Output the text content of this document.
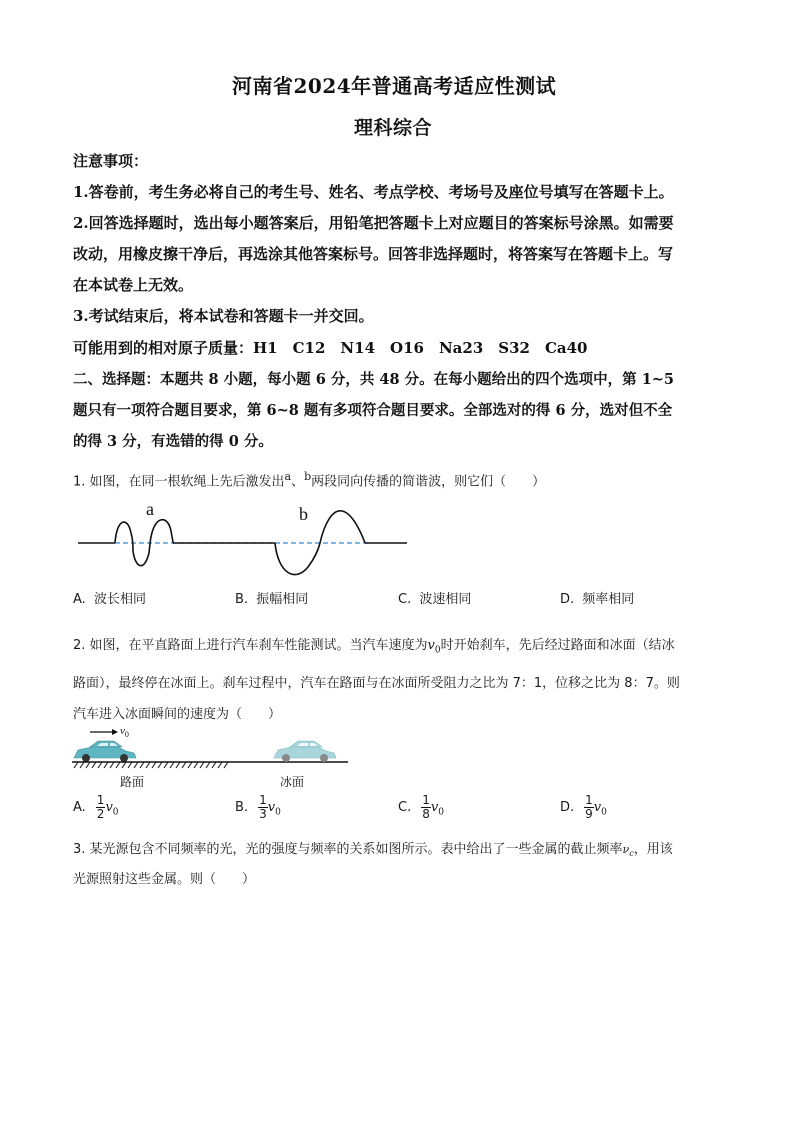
河南省2024年普通高考适应性测试
理科综合
注意事项：
1.答卷前，考生务必将自己的考生号、姓名、考点学校、考场号及座位号填写在答题卡上。
2.回答选择题时，选出每小题答案后，用铅笔把答题卡上对应题目的答案标号涂黑。如需要
改动，用橡皮擦干净后，再选涂其他答案标号。回答非选择题时，将答案写在答题卡上。写
在本试卷上无效。
3.考试结束后，将本试卷和答题卡一并交回。
可能用到的相对原子质量：H1　C12　N14　O16　Na23　S32　Ca40
二、选择题：本题共 8 小题，每小题 6 分，共 48 分。在每小题给出的四个选项中，第 1~5
题只有一项符合题目要求，第 6~8 题有多项符合题目要求。全部选对的得 6 分，选对但不全
的得 3 分，有选错的得 0 分。
1. 如图，在同一根软绳上先后激发出$^a$、$^b$两段同向传播的简谐波，则它们（　　）
a	b
A. 波长相同	B. 振幅相同	C. 波速相同	D. 频率相同
2. 如图，在平直路面上进行汽车刹车性能测试。当汽车速度为$v_0$时开始刹车，先后经过路面和冰面（结冰
路面），最终停在冰面上。刹车过程中，汽车在路面与在冰面所受阻力之比为 7：1，位移之比为 8：7。则
汽车进入冰面瞬间的速度为（　　）
$v_0$
路面	冰面
A. $\frac{1}{2} v_0$	B. $\frac{1}{3} v_0$	C. $\frac{1}{8} v_0$	D. $\frac{1}{9} v_0$
3. 某光源包含不同频率的光，光的强度与频率的关系如图所示。表中给出了一些金属的截止频率$\nu_c$，用该
光源照射这些金属。则（　　）
